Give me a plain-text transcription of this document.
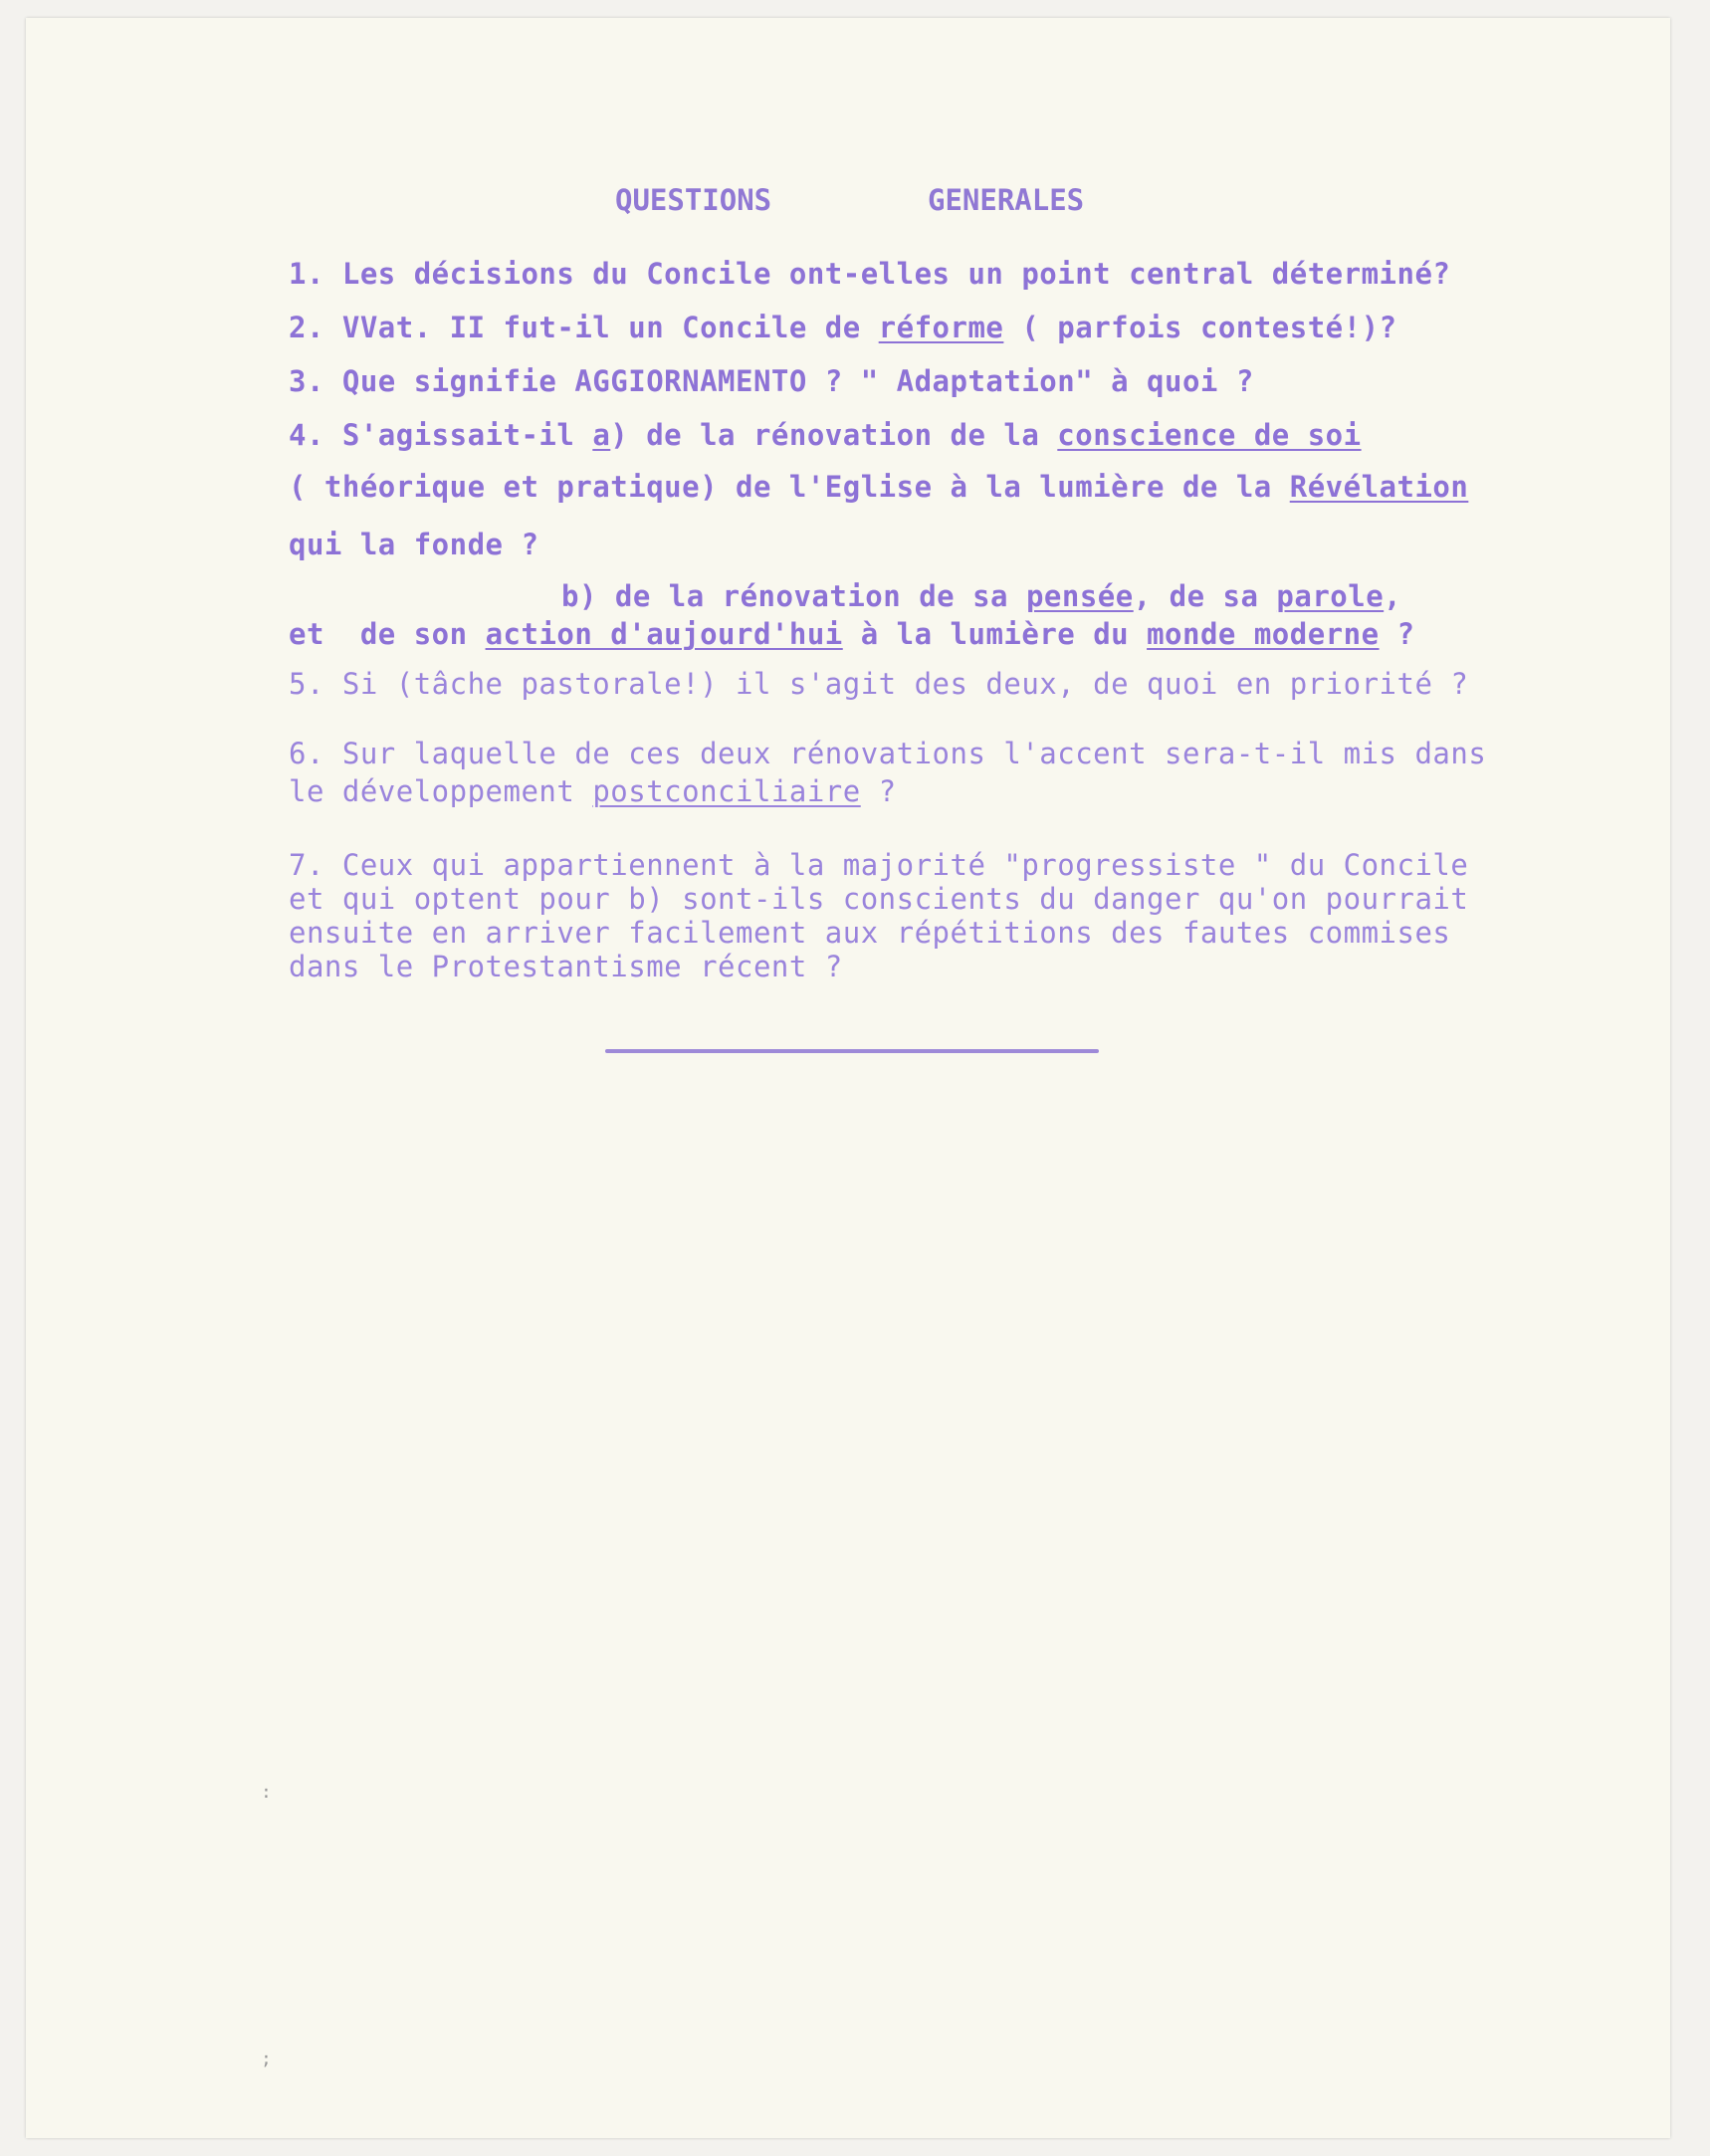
QUESTIONS	GENERALES
1. Les décisions du Concile ont-elles un point central déterminé?
2. VVat. II fut-il un Concile de réforme ( parfois contesté!)?
3. Que signifie AGGIORNAMENTO ? " Adaptation" à quoi ?
4. S'agissait-il a) de la rénovation de la conscience de soi
( théorique et pratique) de l'Eglise à la lumière de la Révélation
qui la fonde ?
b) de la rénovation de sa pensée, de sa parole,
et  de son action d'aujourd'hui à la lumière du monde moderne ?
5. Si (tâche pastorale!) il s'agit des deux, de quoi en priorité ?
6. Sur laquelle de ces deux rénovations l'accent sera-t-il mis dans
le développement postconciliaire ?
7. Ceux qui appartiennent à la majorité "progressiste " du Concile
et qui optent pour b) sont-ils conscients du danger qu'on pourrait
ensuite en arriver facilement aux répétitions des fautes commises
dans le Protestantisme récent ?
:
;
